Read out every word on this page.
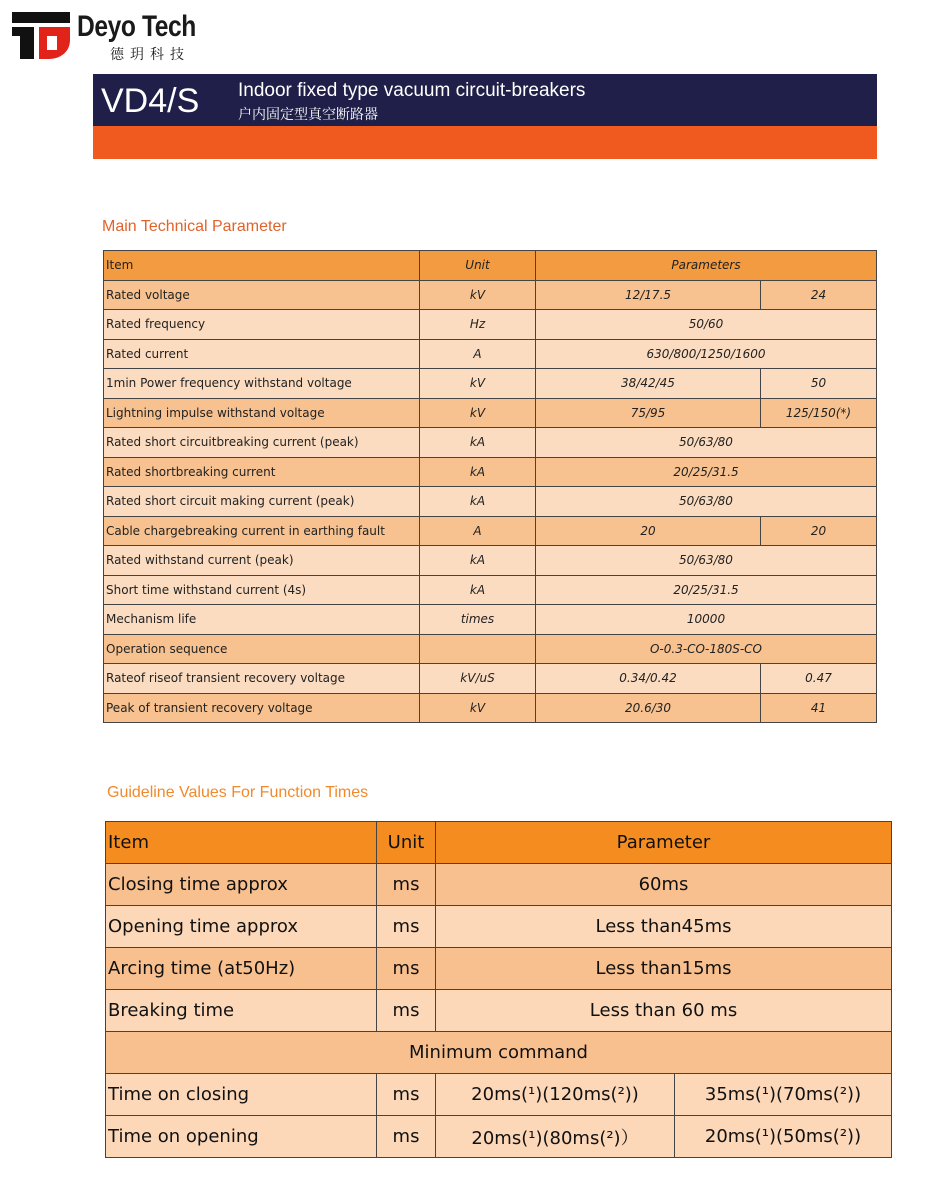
Deyo Tech
德玥科技
VD4/S Indoor fixed type vacuum circuit-breakers
户内固定型真空断路器
Main Technical Parameter
Item	Unit	Parameters	
Rated voltage	kV	12/17.5	24
Rated frequency	Hz	50/60	
Rated current	A	630/800/1250/1600	
1min Power frequency withstand voltage	kV	38/42/45	50
Lightning impulse withstand voltage	kV	75/95	125/150(*)
Rated short circuitbreaking current (peak)	kA	50/63/80	
Rated shortbreaking current	kA	20/25/31.5	
Rated short circuit making current (peak)	kA	50/63/80	
Cable chargebreaking current in earthing fault	A	20	20
Rated withstand current (peak)	kA	50/63/80	
Short time withstand current (4s)	kA	20/25/31.5	
Mechanism life	times	10000	
Operation sequence		O-0.3-CO-180S-CO	
Rateof riseof transient recovery voltage	kV/uS	0.34/0.42	0.47
Peak of transient recovery voltage	kV	20.6/30	41
Guideline Values For Function Times
Item	Unit	Parameter	
Closing time approx	ms	60ms	
Opening time approx	ms	Less than45ms	
Arcing time (at50Hz)	ms	Less than15ms	
Breaking time	ms	Less than 60 ms	
Minimum command			
Time on closing	ms	20ms(¹)(120ms(²))	35ms(¹)(70ms(²))
Time on opening	ms	20ms(¹)(80ms(²)）	20ms(¹)(50ms(²))
